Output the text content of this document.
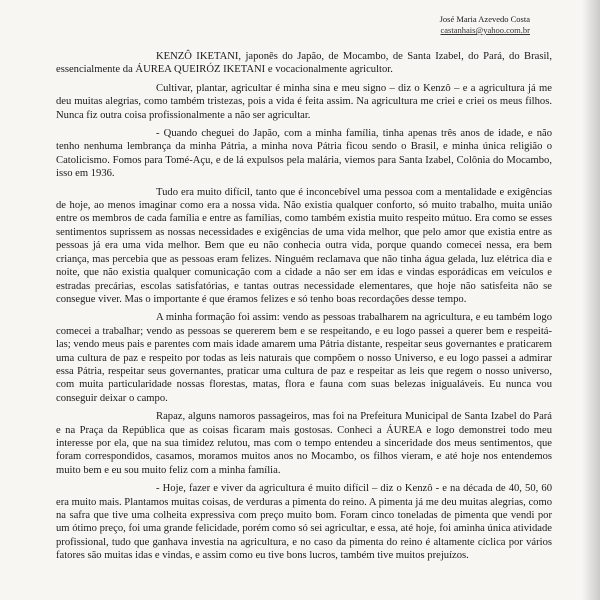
José Maria Azevedo Costa
castanhais@yahoo.com.br

KENZÔ IKETANI, japonês do Japão, de Mocambo, de Santa Izabel, do Pará, do Brasil, essencialmente da ÁUREA QUEIRÓZ IKETANI e vocacionalmente agricultor.

Cultivar, plantar, agricultar é minha sina e meu signo – diz o Kenzô – e a agricultura já me deu muitas alegrias, como também tristezas, pois a vida é feita assim. Na agricultura me criei e criei os meus filhos. Nunca fiz outra coisa profissionalmente a não ser agricultar.

- Quando cheguei do Japão, com a minha família, tinha apenas três anos de idade, e não tenho nenhuma lembrança da minha Pátria, a minha nova Pátria ficou sendo o Brasil, e minha única religião o Catolicismo. Fomos para Tomé-Açu, e de lá expulsos pela malária, viemos para Santa Izabel, Colônia do Mocambo, isso em 1936.

Tudo era muito difícil, tanto que é inconcebível uma pessoa com a mentalidade e exigências de hoje, ao menos imaginar como era a nossa vida. Não existia qualquer conforto, só muito trabalho, muita união entre os membros de cada família e entre as famílias, como também existia muito respeito mútuo. Era como se esses sentimentos suprissem as nossas necessidades e exigências de uma vida melhor, que pelo amor que existia entre as pessoas já era uma vida melhor. Bem que eu não conhecia outra vida, porque quando comecei nessa, era bem criança, mas percebia que as pessoas eram felizes. Ninguém reclamava que não tinha água gelada, luz elétrica dia e noite, que não existia qualquer comunicação com a cidade a não ser em idas e vindas esporádicas em veículos e estradas precárias, escolas satisfatórias, e tantas outras necessidade elementares, que hoje não satisfeita não se consegue viver. Mas o importante é que éramos felizes e só tenho boas recordações desse tempo.

A minha formação foi assim: vendo as pessoas trabalharem na agricultura, e eu também logo comecei a trabalhar; vendo as pessoas se quererem bem e se respeitando, e eu logo passei a querer bem e respeitá-las; vendo meus pais e parentes com mais idade amarem uma Pátria distante, respeitar seus governantes e praticarem uma cultura de paz e respeito por todas as leis naturais que compõem o nosso Universo, e eu logo passei a admirar essa Pátria, respeitar seus governantes, praticar uma cultura de paz e respeitar as leis que regem o nosso universo, com muita particularidade nossas florestas, matas, flora e fauna com suas belezas inigualáveis. Eu nunca vou conseguir deixar o campo.

Rapaz, alguns namoros passageiros, mas foi na Prefeitura Municipal de Santa Izabel do Pará e na Praça da República que as coisas ficaram mais gostosas. Conheci a ÁUREA e logo demonstrei todo meu interesse por ela, que na sua timidez relutou, mas com o tempo entendeu a sinceridade dos meus sentimentos, que foram correspondidos, casamos, moramos muitos anos no Mocambo, os filhos vieram, e até hoje nos entendemos muito bem e eu sou muito feliz com a minha família.

- Hoje, fazer e viver da agricultura é muito difícil – diz o Kenzô - e na década de 40, 50, 60 era muito mais. Plantamos muitas coisas, de verduras a pimenta do reino. A pimenta já me deu muitas alegrias, como na safra que tive uma colheita expressiva com preço muito bom. Foram cinco toneladas de pimenta que vendi por um ótimo preço, foi uma grande felicidade, porém como só sei agricultar, e essa, até hoje, foi aminha única atividade profissional, tudo que ganhava investia na agricultura, e no caso da pimenta do reino é altamente cíclica por vários fatores são muitas idas e vindas, e assim como eu tive bons lucros, também tive muitos prejuízos.
